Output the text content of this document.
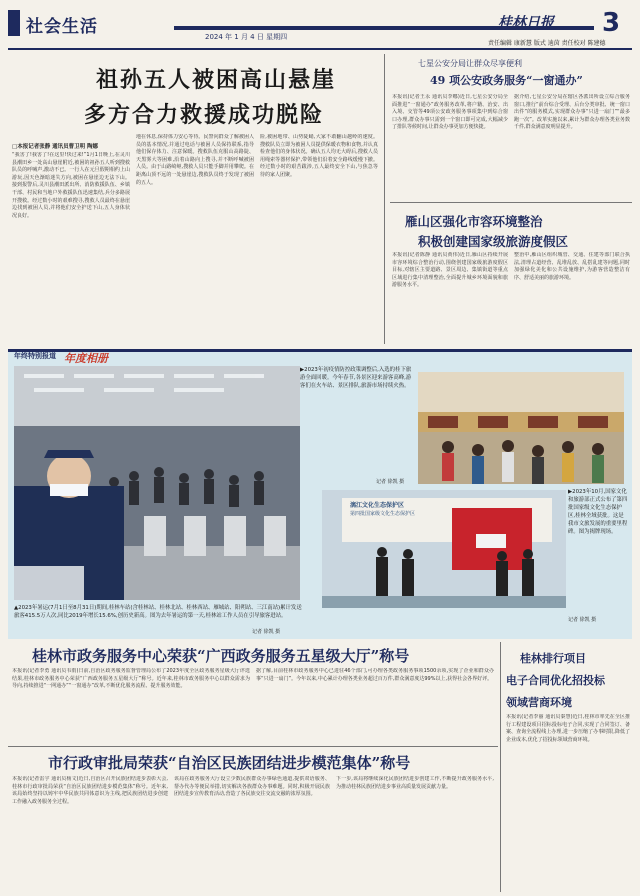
社会生活	2024 年 1 月 4 日 星期四
桂林日报 3
责任编辑 康新慧 版式 迪茵 责任校对 陈建德
祖孙五人被困高山悬崖
多方合力救援成功脱险
□本报记者张静 通讯员曹卫明 陶娜
“我害了!我害了!在这里!快过来!”1月1日晚上,在灵川县潮田乡一处高山悬崖附近,被困的祖孙五人听到搜救队员的呼喊声,激动不已。一行人在元旦假期相约上山游玩,因天色渐暗迷失方向,被困在悬崖边无法下山。接到报警后,灵川县潮田派出所、消防救援队伍、乡镇干部、村民和当地户外救援队伍迅速集结,兵分多路展开搜救。经过数小时的艰难搜寻,搜救人员最终在悬崖边找到被困人员,并将他们安全护送下山,五人身体状况良好。
地在休息,保持体力安心等待。民警向群众了解被困人员的基本情况,并通过电话与被困人员保持联系,指导他们保存体力、注意保暖。搜救队伍克服山高路陡、天黑雾大等困难,沿着山路向上搜寻,并不断呼喊被困人员。由于山路崎岖,搜救人员只能手脚并用攀爬。在距离山顶不远的一处悬崖边,搜救队员终于发现了被困的五人。
险,被困地带、山势陡峭,大家不敢翻山越岭的速度。搜救队员立即为被困人员提供保暖衣物和食物,并认真检查他们的身体状况。确认五人均无大碍后,搜救人员用绳索等器材保护,带领他们沿着安全路线缓慢下撤。经过数小时的艰苦跋涉,五人最终安全下山,与焦急等待的家人团聚。
七星公安分局让群众尽享便利
49 项公安政务服务“一窗通办”
本报讯(记者王永 通讯员李娜)近日,七星公安分局全面推进“一窗通办”政务服务改革,将户籍、治安、出入境、交管等49项公安政务服务事项集中到综合窗口办理,群众办事只需到一个窗口即可完成,大幅减少了排队等候时间,让群众办事更加方便快捷。
据介绍,七星公安分局在辖区各派出所设立综合服务窗口,推行“前台综合受理、后台分类审批、统一窗口出件”的服务模式,实现群众办事“只进一扇门”“最多跑一次”。改革实施以来,累计为群众办理各类业务数千件,群众满意度明显提升。
雁山区强化市容环境整治
积极创建国家级旅游度假区
本报讯(记者陈静 通讯员黄伟)近日,雁山区持续开展市容环境综合整治行动,围绕创建国家级旅游度假区目标,对辖区主要道路、景区周边、集镇街道等重点区域进行集中清理整治,全面提升城乡环境面貌和旅游服务水平。
整治中,雁山区组织城管、交通、住建等部门联合执法,清理占道经营、乱堆乱放、乱搭乱建等问题,同时加强绿化美化和公共设施维护,为游客营造整洁有序、舒适美丽的旅游环境。
年终特别报道 年度相册
漓江文化生态保护区
第四批国家级文化生态保护区
▶2023年初疫情防控政策调整后,入选的桂下旅游全面回暖。今年春节,各景区迎来游客高峰,游客们在火车站、景区排队,旅游市场持续火热。
记者 徐凯 摄
▲2023年暑运(7月1日至8月31日)期间,桂林车站(含桂林站、桂林北站、桂林西站、雁城站、阳朔站、三江南站)累计发送旅客415.5万人次,同比2019年增长15.6%,创历史新高。图为去年暑运的第一天,桂林站工作人员在引导旅客进站。
记者 徐凯 摄
▶2023年10月,国家文化和旅游部正式公布了第四批国家级文化生态保护区,桂林全域获批。这是我市文旅发展的重要里程碑。图为揭牌现场。
记者 徐凯 摄
桂林市政务服务中心荣获“广西政务服务五星级大厅”称号
本报讯(记者李勇 通讯员韦雨)日前,自治区政务服务监督管理局公布了2023年度全区政务服务星级大厅评选结果,桂林市政务服务中心荣获“广西政务服务五星级大厅”称号。近年来,桂林市政务服务中心以群众需求为导向,持续推进“一网通办”“一窗通办”改革,不断优化服务流程、提升服务效能。
据了解,目前桂林市政务服务中心已进驻46个部门,可办理各类政务服务事项1500余项,实现了企业和群众办事“只进一扇门”。今年以来,中心累计办理各类业务超过百万件,群众满意度达99%以上,获得社会各界好评。
桂林排行项目
电子合同优化招投标
领域营商环境
本报讯(记者李丽 通讯员秦慧)近日,桂林市率先在全区推行工程建设项目招标投标电子合同,实现了合同签订、备案、查询全流程线上办理,进一步压缩了办事时限,降低了企业成本,优化了招投标领域营商环境。
市行政审批局荣获“自治区民族团结进步模范集体”称号
本报讯(记者雷宇 通讯员杨文)近日,自治区召开民族团结进步表彰大会,桂林市行政审批局荣获“自治区民族团结进步模范集体”称号。近年来,该局始终坚持以铸牢中华民族共同体意识为主线,把民族团结进步创建工作融入政务服务全过程。
该局在政务服务大厅设立少数民族群众办事绿色通道,提供双语服务、帮办代办等便民举措,切实解决各族群众办事难题。同时,积极开展民族团结进步宣传教育活动,营造了各民族交往交流交融的浓厚氛围。
下一步,该局将继续深化民族团结进步创建工作,不断提升政务服务水平,为推动桂林民族团结进步事业高质量发展贡献力量。
